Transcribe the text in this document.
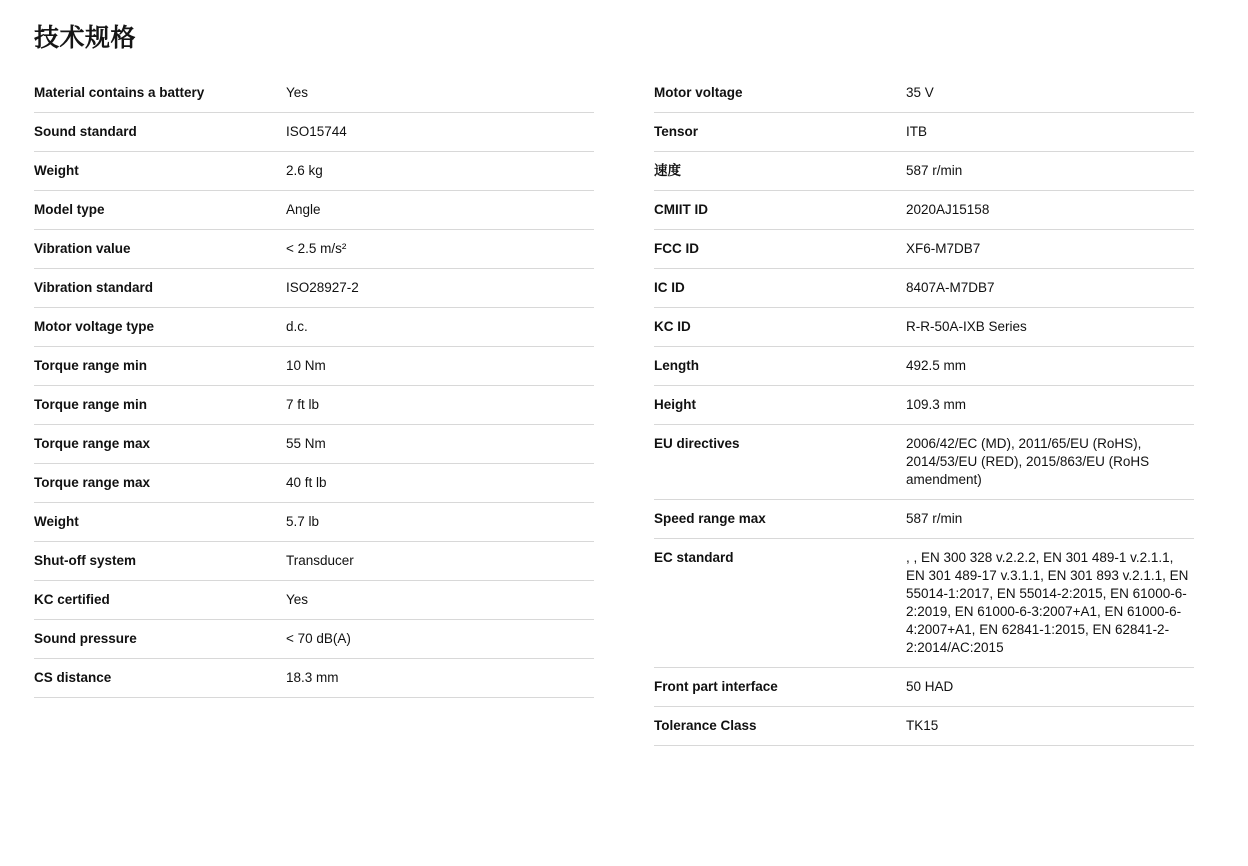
技术规格
Material contains a battery	Yes
Sound standard	ISO15744
Weight	2.6 kg
Model type	Angle
Vibration value	< 2.5 m/s²
Vibration standard	ISO28927-2
Motor voltage type	d.c.
Torque range min	10 Nm
Torque range min	7 ft lb
Torque range max	55 Nm
Torque range max	40 ft lb
Weight	5.7 lb
Shut-off system	Transducer
KC certified	Yes
Sound pressure	< 70 dB(A)
CS distance	18.3 mm
Motor voltage	35 V
Tensor	ITB
速度	587 r/min
CMIIT ID	2020AJ15158
FCC ID	XF6-M7DB7
IC ID	8407A-M7DB7
KC ID	R-R-50A-IXB Series
Length	492.5 mm
Height	109.3 mm
EU directives	2006/42/EC (MD), 2011/65/EU (RoHS), 2014/53/EU (RED), 2015/863/EU (RoHS amendment)
Speed range max	587 r/min
EC standard	, , EN 300 328 v.2.2.2, EN 301 489-1 v.2.1.1, EN 301 489-17 v.3.1.1, EN 301 893 v.2.1.1, EN 55014-1:2017, EN 55014-2:2015, EN 61000-6-2:2019, EN 61000-6-3:2007+A1, EN 61000-6-4:2007+A1, EN 62841-1:2015, EN 62841-2-2:2014/AC:2015
Front part interface	50 HAD
Tolerance Class	TK15
